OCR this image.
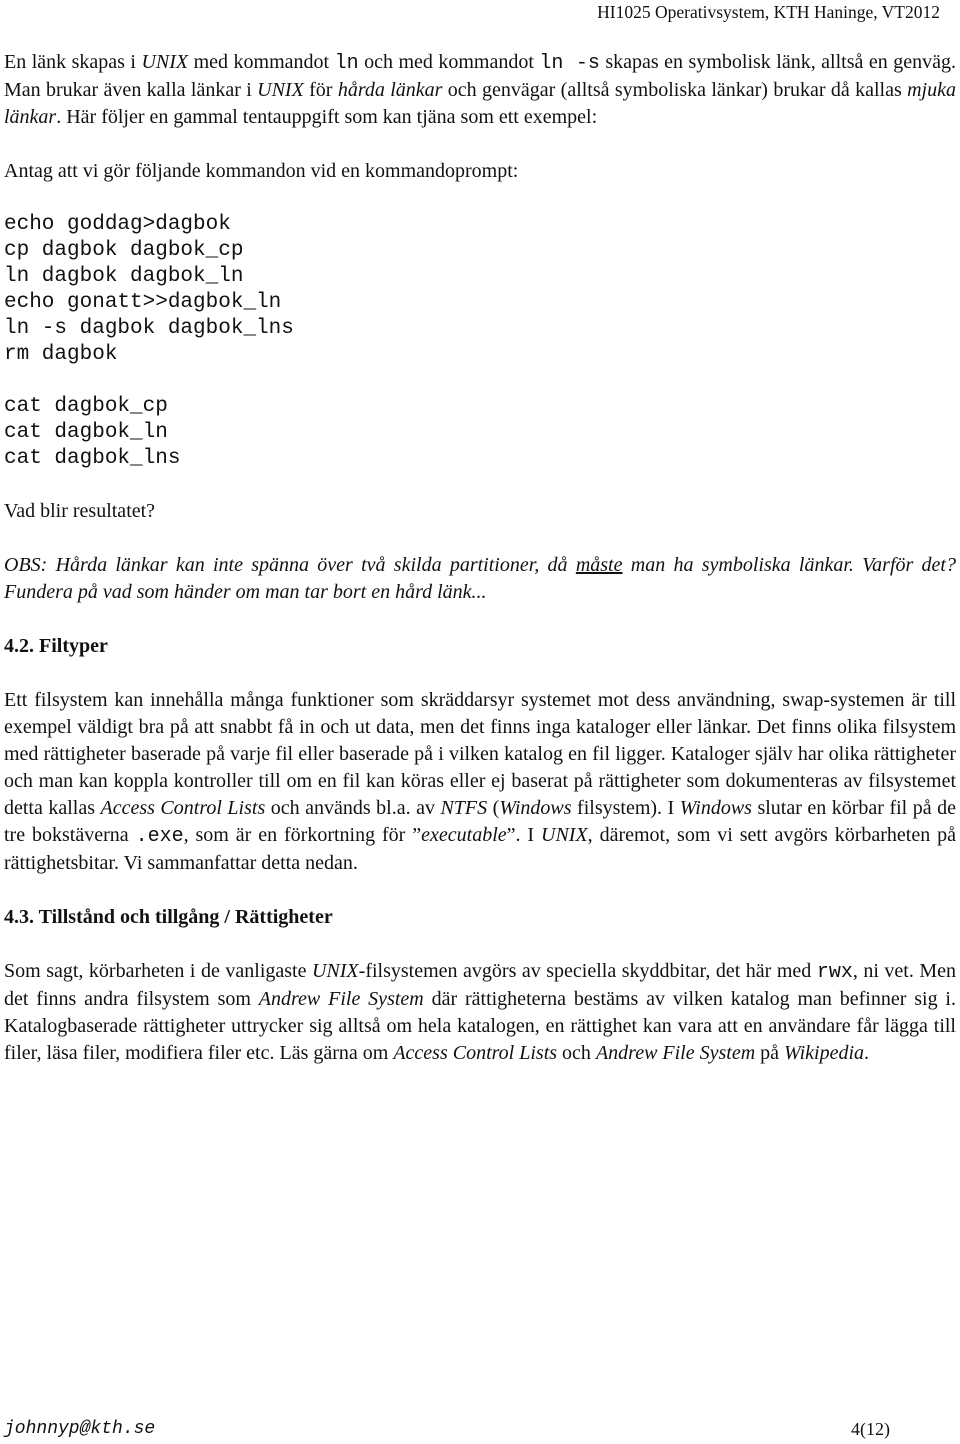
HI1025 Operativsystem, KTH Haninge, VT2012

En länk skapas i UNIX med kommandot ln och med kommandot ln -s skapas en symbolisk länk, alltså en genväg. Man brukar även kalla länkar i UNIX för hårda länkar och genvägar (alltså symboliska länkar) brukar då kallas mjuka länkar. Här följer en gammal tentauppgift som kan tjäna som ett exempel:

Antag att vi gör följande kommandon vid en kommandoprompt:

echo goddag>dagbok
cp dagbok dagbok_cp
ln dagbok dagbok_ln
echo gonatt>>dagbok_ln
ln -s dagbok dagbok_lns
rm dagbok
cat dagbok_cp
cat dagbok_ln
cat dagbok_lns

Vad blir resultatet?

OBS: Hårda länkar kan inte spänna över två skilda partitioner, då måste man ha symboliska länkar. Varför det? Fundera på vad som händer om man tar bort en hård länk...

4.2. Filtyper

Ett filsystem kan innehålla många funktioner som skräddarsyr systemet mot dess användning, swap-systemen är till exempel väldigt bra på att snabbt få in och ut data, men det finns inga kataloger eller länkar. Det finns olika filsystem med rättigheter baserade på varje fil eller baserade på i vilken katalog en fil ligger. Kataloger själv har olika rättigheter och man kan koppla kontroller till om en fil kan köras eller ej baserat på rättigheter som dokumenteras av filsystemet detta kallas Access Control Lists och används bl.a. av NTFS (Windows filsystem). I Windows slutar en körbar fil på de tre bokstäverna .exe, som är en förkortning för ”executable”. I UNIX, däremot, som vi sett avgörs körbarheten på rättighetsbitar. Vi sammanfattar detta nedan.

4.3. Tillstånd och tillgång / Rättigheter

Som sagt, körbarheten i de vanligaste UNIX-filsystemen avgörs av speciella skyddbitar, det här med rwx, ni vet. Men det finns andra filsystem som Andrew File System där rättigheterna bestäms av vilken katalog man befinner sig i. Katalogbaserade rättigheter uttrycker sig alltså om hela katalogen, en rättighet kan vara att en användare får lägga till filer, läsa filer, modifiera filer etc. Läs gärna om Access Control Lists och Andrew File System på Wikipedia.

johnnyp@kth.se	4(12)
